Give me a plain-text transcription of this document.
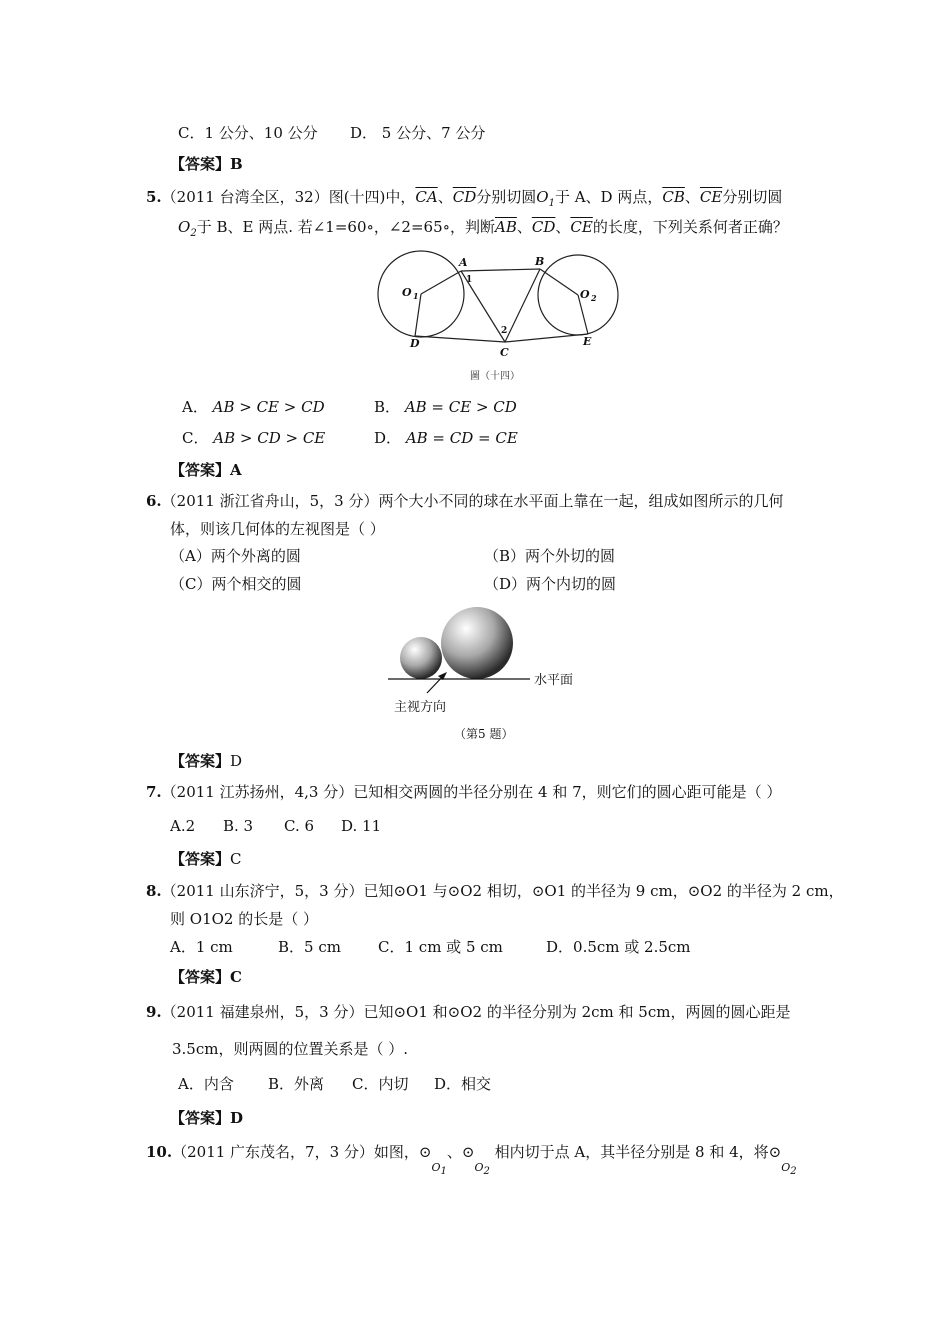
C．1 公分、10 公分 D． 5 公分、7 公分
【答案】B
5.（2011 台湾全区，32）图(十四)中，$\overline{CA}$、$\overline{CD}$分别切圆$O_1$于 A、D 两点，$\overline{CB}$、$\overline{CE}$分别切圆
$O_2$于 B、E 两点. 若∠1=60∘，∠2=65∘，判断$\overline{AB}$、$\overline{CD}$、$\overline{CE}$的长度，下列关系何者正确？
A	B
C
D	E
O 1	O 2
1
2
圖（十四）
A． AB > CE > CD	B． AB = CE > CD
C． AB > CD > CE	D． AB = CD = CE
【答案】A
6.（2011 浙江省舟山，5，3 分）两个大小不同的球在水平面上靠在一起，组成如图所示的几何
体，则该几何体的左视图是（ ）
（A）两个外离的圆	（B）两个外切的圆
（C）两个相交的圆	（D）两个内切的圆
水平面
主视方向
（第5 题）
【答案】D
7.（2011 江苏扬州，4,3 分）已知相交两圆的半径分别在 4 和 7，则它们的圆心距可能是（ ）
A.2 B. 3 C. 6 D. 11
【答案】C
8.（2011 山东济宁，5，3 分）已知⊙O1 与⊙O2 相切，⊙O1 的半径为 9 cm，⊙O2 的半径为 2 cm，
则 O1O2 的长是（ ）
A．1 cm	B．5 cm C．1 cm 或 5 cm	D．0.5cm 或 2.5cm
【答案】C
9.（2011 福建泉州，5，3 分）已知⊙O1 和⊙O2 的半径分别为 2cm 和 5cm，两圆的圆心距是
3.5cm，则两圆的位置关系是（ ）.
A．内含 B．外离 C．内切 D．相交
【答案】D
10.（2011 广东茂名，7，3 分）如图，$⊙_{O_1}$、$⊙_{O_2}$ 相内切于点 A，其半径分别是 8 和 4，将$⊙_{O_2}$
